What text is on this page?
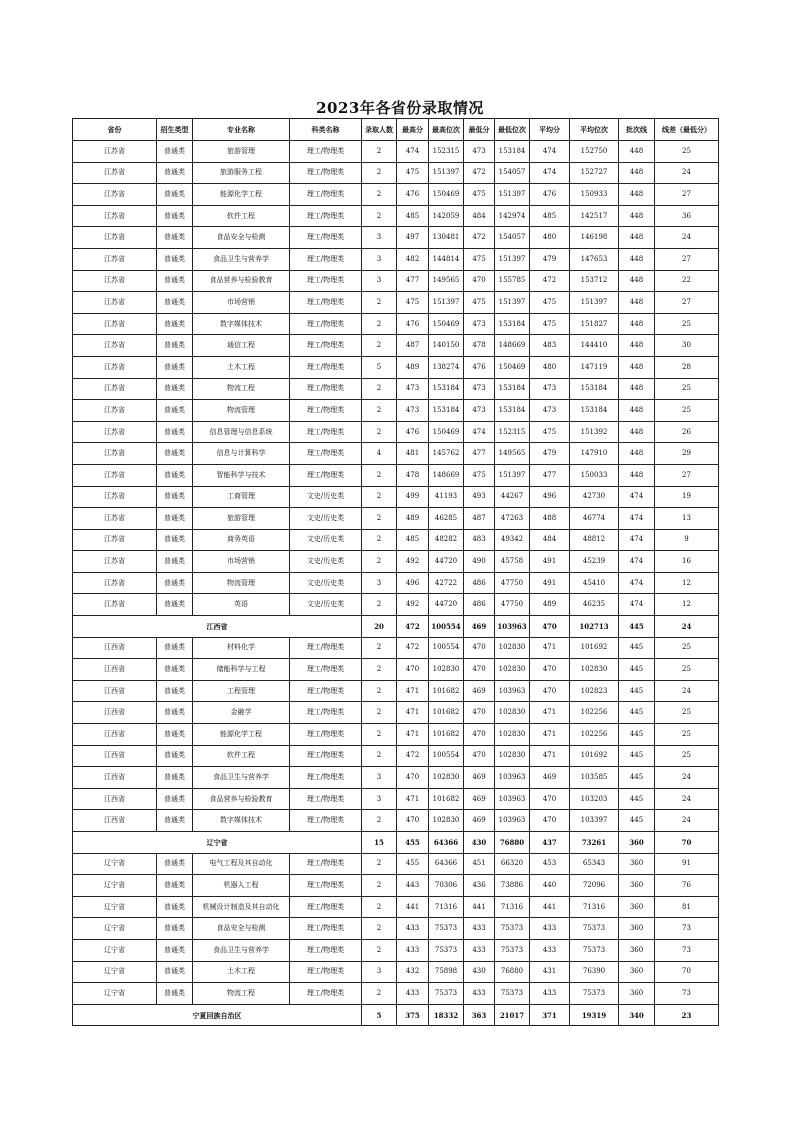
2023年各省份录取情况
省份	招生类型	专业名称	科类名称	录取人数	最高分	最高位次	最低分	最低位次	平均分	平均位次	批次线	线差（最低分）
江苏省	普通类	旅游管理	理工/物理类	2	474	152315	473	153184	474	152750	448	25
江苏省	普通类	旅游服务工程	理工/物理类	2	475	151397	472	154057	474	152727	448	24
江苏省	普通类	能源化学工程	理工/物理类	2	476	150469	475	151397	476	150933	448	27
江苏省	普通类	软件工程	理工/物理类	2	485	142059	484	142974	485	142517	448	36
江苏省	普通类	食品安全与检测	理工/物理类	3	497	130481	472	154057	480	146198	448	24
江苏省	普通类	食品卫生与营养学	理工/物理类	3	482	144814	475	151397	479	147653	448	27
江苏省	普通类	食品营养与检验教育	理工/物理类	3	477	149565	470	155785	472	153712	448	22
江苏省	普通类	市场营销	理工/物理类	2	475	151397	475	151397	475	151397	448	27
江苏省	普通类	数字媒体技术	理工/物理类	2	476	150469	473	153184	475	151827	448	25
江苏省	普通类	通信工程	理工/物理类	2	487	140150	478	148669	483	144410	448	30
江苏省	普通类	土木工程	理工/物理类	5	489	138274	476	150469	480	147119	448	28
江苏省	普通类	物流工程	理工/物理类	2	473	153184	473	153184	473	153184	448	25
江苏省	普通类	物流管理	理工/物理类	2	473	153184	473	153184	473	153184	448	25
江苏省	普通类	信息管理与信息系统	理工/物理类	2	476	150469	474	152315	475	151392	448	26
江苏省	普通类	信息与计算科学	理工/物理类	4	481	145762	477	149565	479	147910	448	29
江苏省	普通类	智能科学与技术	理工/物理类	2	478	148669	475	151397	477	150033	448	27
江苏省	普通类	工商管理	文史/历史类	2	499	41193	493	44267	496	42730	474	19
江苏省	普通类	旅游管理	文史/历史类	2	489	46285	487	47263	488	46774	474	13
江苏省	普通类	商务英语	文史/历史类	2	485	48282	483	49342	484	48812	474	9
江苏省	普通类	市场营销	文史/历史类	2	492	44720	490	45758	491	45239	474	16
江苏省	普通类	物流管理	文史/历史类	3	496	42722	486	47750	491	45410	474	12
江苏省	普通类	英语	文史/历史类	2	492	44720	486	47750	489	46235	474	12
江西省				20	472	100554	469	103963	470	102713	445	24
江西省	普通类	材料化学	理工/物理类	2	472	100554	470	102830	471	101692	445	25
江西省	普通类	储能科学与工程	理工/物理类	2	470	102830	470	102830	470	102830	445	25
江西省	普通类	工程管理	理工/物理类	2	471	101682	469	103963	470	102823	445	24
江西省	普通类	金融学	理工/物理类	2	471	101682	470	102830	471	102256	445	25
江西省	普通类	能源化学工程	理工/物理类	2	471	101682	470	102830	471	102256	445	25
江西省	普通类	软件工程	理工/物理类	2	472	100554	470	102830	471	101692	445	25
江西省	普通类	食品卫生与营养学	理工/物理类	3	470	102830	469	103963	469	103585	445	24
江西省	普通类	食品营养与检验教育	理工/物理类	3	471	101682	469	103963	470	103203	445	24
江西省	普通类	数字媒体技术	理工/物理类	2	470	102830	469	103963	470	103397	445	24
辽宁省				15	455	64366	430	76880	437	73261	360	70
辽宁省	普通类	电气工程及其自动化	理工/物理类	2	455	64366	451	66320	453	65343	360	91
辽宁省	普通类	机器人工程	理工/物理类	2	443	70306	436	73886	440	72096	360	76
辽宁省	普通类	机械设计制造及其自动化	理工/物理类	2	441	71316	441	71316	441	71316	360	81
辽宁省	普通类	食品安全与检测	理工/物理类	2	433	75373	433	75373	433	75373	360	73
辽宁省	普通类	食品卫生与营养学	理工/物理类	2	433	75373	433	75373	433	75373	360	73
辽宁省	普通类	土木工程	理工/物理类	3	432	75898	430	76880	431	76390	360	70
辽宁省	普通类	物流工程	理工/物理类	2	433	75373	433	75373	433	75373	360	73
宁夏回族自治区				5	375	18332	363	21017	371	19319	340	23
